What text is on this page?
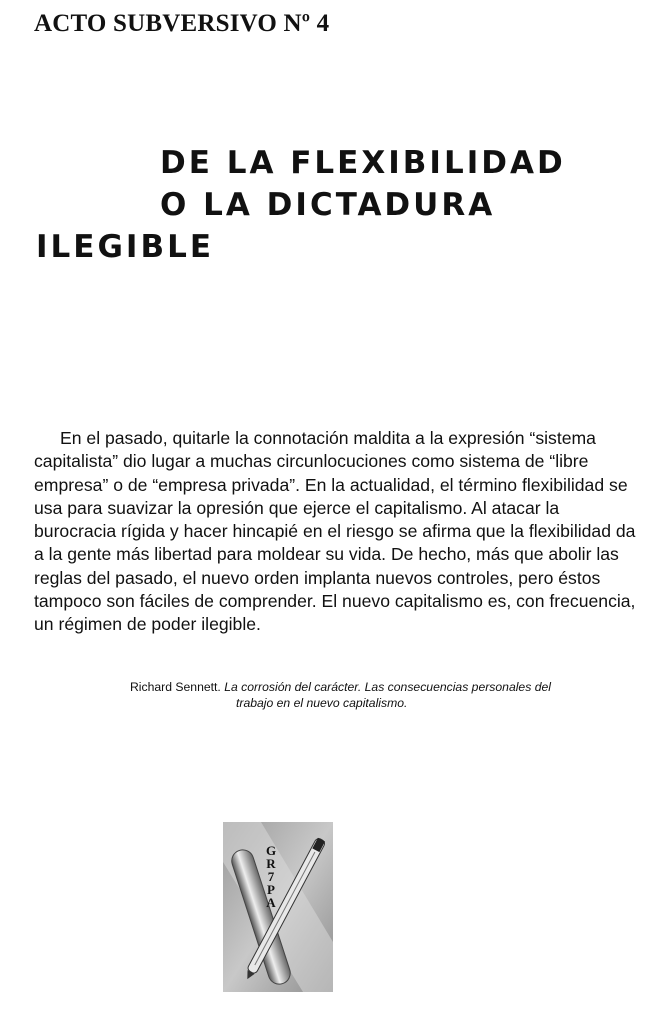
ACTO SUBVERSIVO Nº 4
DE LA FLEXIBILIDAD
O LA DICTADURA
ILEGIBLE

En el pasado, quitarle la connotación maldita a la expresión “sistema capitalista” dio lugar a muchas circunlocuciones como sistema de “libre empresa” o de “empresa privada”. En la actualidad, el término flexibilidad se usa para suavizar la opresión que ejerce el capitalismo. Al atacar la burocracia rígida y hacer hincapié en el riesgo se afirma que la flexibilidad da a la gente más libertad para moldear su vida. De hecho, más que abolir las reglas del pasado, el nuevo orden implanta nuevos controles, pero éstos tampoco son fáciles de comprender. El nuevo capitalismo es, con frecuencia, un régimen de poder ilegible.

Richard Sennett. La corrosión del carácter. Las consecuencias personales del
trabajo en el nuevo capitalismo.

G
R
7
P
A
